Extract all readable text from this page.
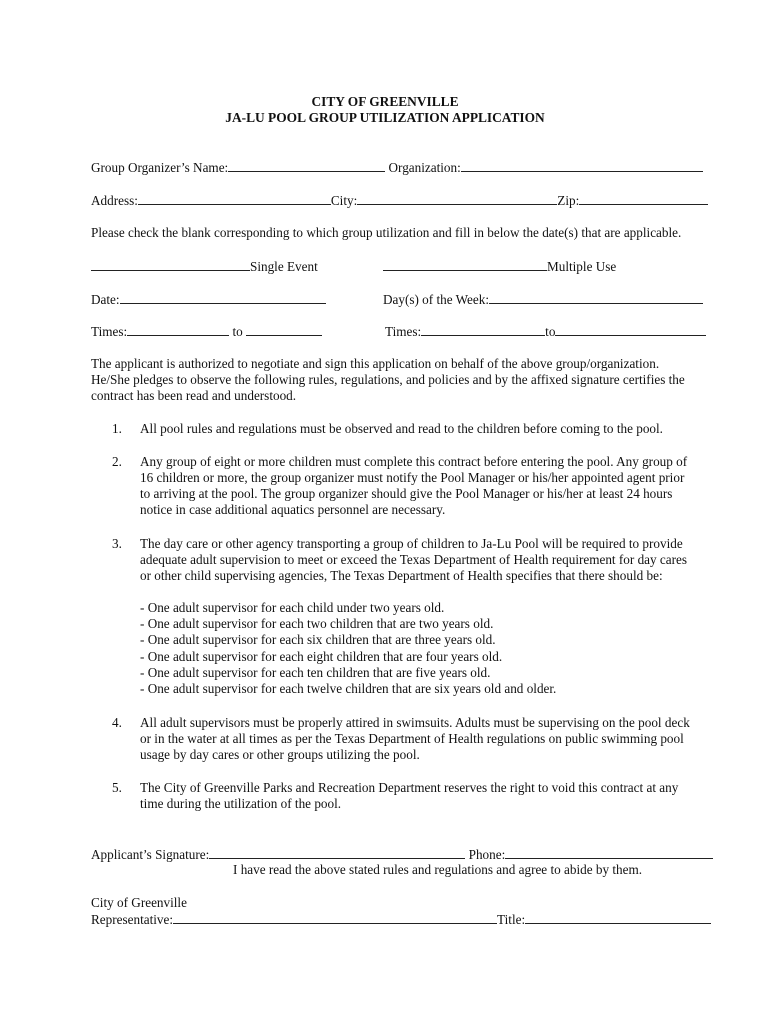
CITY OF GREENVILLE
JA-LU POOL GROUP UTILIZATION APPLICATION
Group Organizer’s Name:	Organization:
Address:	City:	Zip:
Please check the blank corresponding to which group utilization and fill in below the date(s) that are applicable.
Single Event	Multiple Use
Date:	Day(s) of the Week:
Times:	to	Times:	to
The applicant is authorized to negotiate and sign this application on behalf of the above group/organization.
He/She pledges to observe the following rules, regulations, and policies and by the affixed signature certifies the
contract has been read and understood.
1. All pool rules and regulations must be observed and read to the children before coming to the pool.
2. Any group of eight or more children must complete this contract before entering the pool. Any group of
16 children or more, the group organizer must notify the Pool Manager or his/her appointed agent prior
to arriving at the pool. The group organizer should give the Pool Manager or his/her at least 24 hours
notice in case additional aquatics personnel are necessary.
3. The day care or other agency transporting a group of children to Ja-Lu Pool will be required to provide
adequate adult supervision to meet or exceed the Texas Department of Health requirement for day cares
or other child supervising agencies, The Texas Department of Health specifies that there should be:
- One adult supervisor for each child under two years old.
- One adult supervisor for each two children that are two years old.
- One adult supervisor for each six children that are three years old.
- One adult supervisor for each eight children that are four years old.
- One adult supervisor for each ten children that are five years old.
- One adult supervisor for each twelve children that are six years old and older.
4. All adult supervisors must be properly attired in swimsuits. Adults must be supervising on the pool deck
or in the water at all times as per the Texas Department of Health regulations on public swimming pool
usage by day cares or other groups utilizing the pool.
5. The City of Greenville Parks and Recreation Department reserves the right to void this contract at any
time during the utilization of the pool.
Applicant’s Signature:	Phone:
I have read the above stated rules and regulations and agree to abide by them.
City of Greenville
Representative:	Title:
